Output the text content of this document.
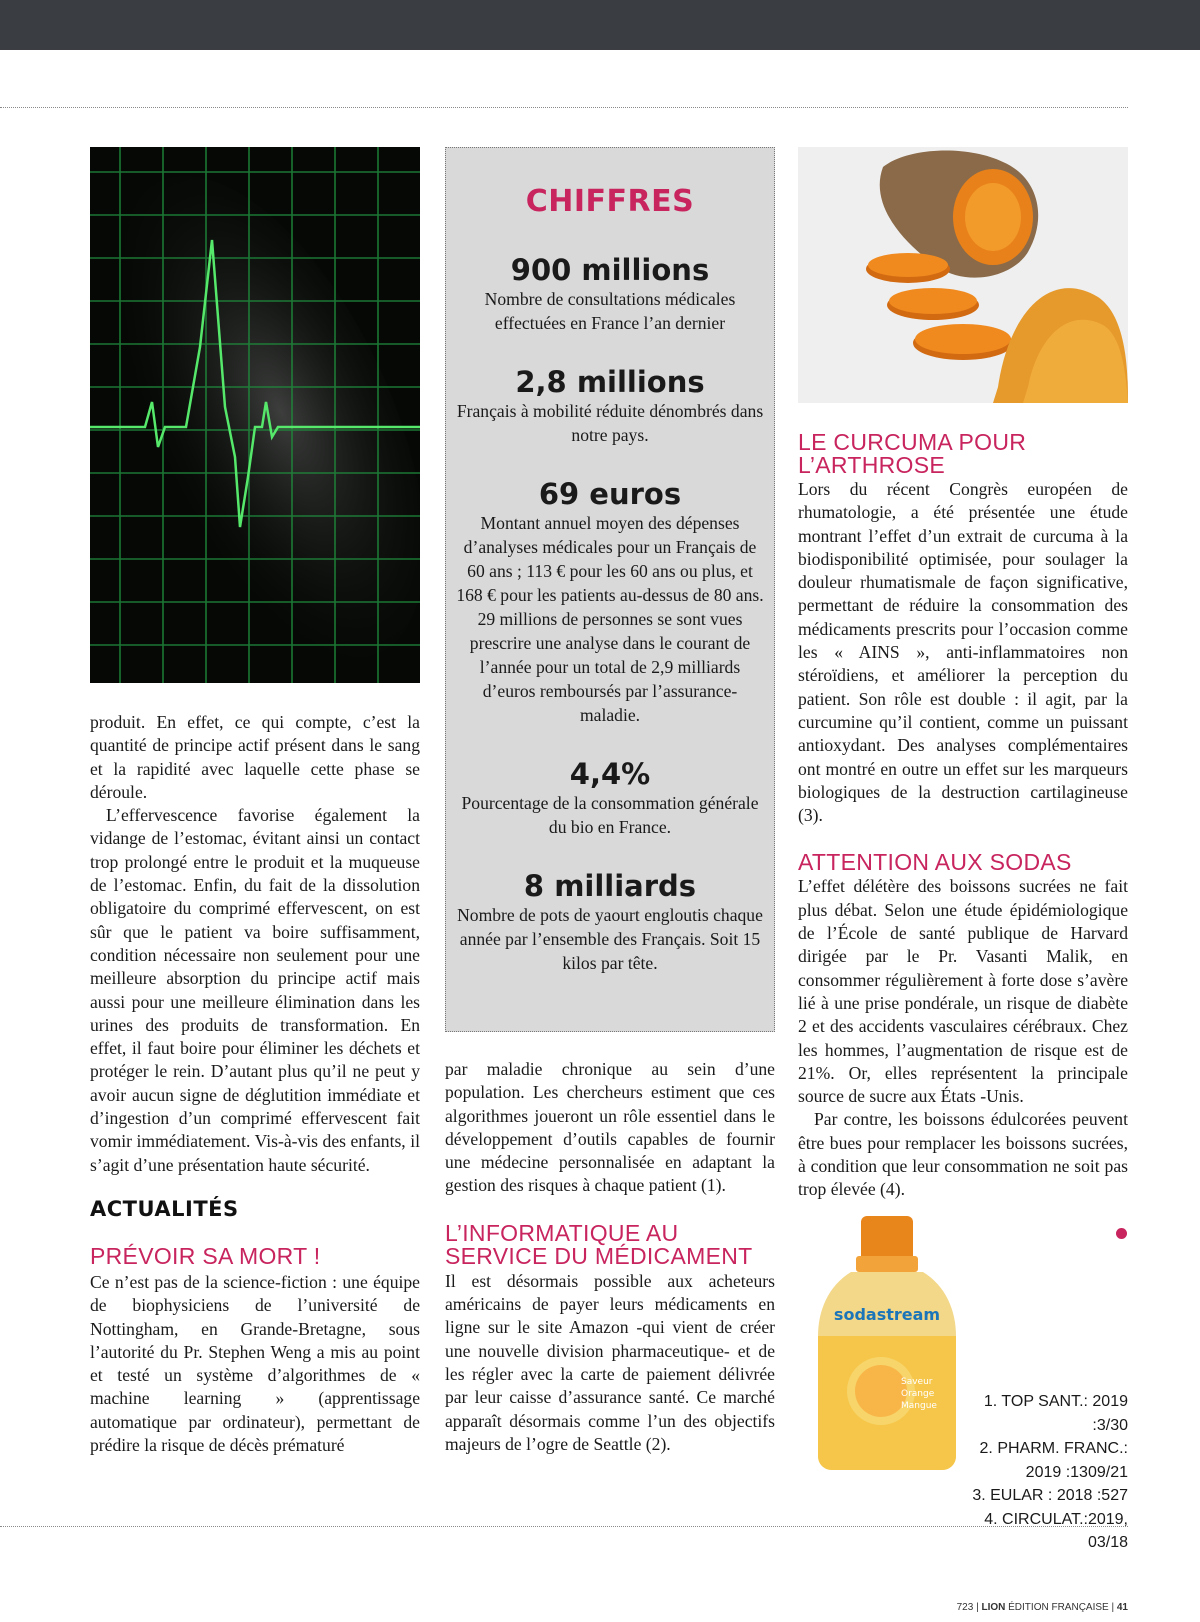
produit. En effet, ce qui compte, c’est la quantité de principe actif présent dans le sang et la rapidité avec laquelle cette phase se déroule.

L’effervescence favorise également la vidange de l’estomac, évitant ainsi un contact trop prolongé entre le produit et la muqueuse de l’estomac. Enfin, du fait de la dissolution obligatoire du comprimé effervescent, on est sûr que le patient va boire suffisamment, condition nécessaire non seulement pour une meilleure absorption du principe actif mais aussi pour une meilleure élimination dans les urines des produits de transformation. En effet, il faut boire pour éliminer les déchets et protéger le rein. D’autant plus qu’il ne peut y avoir aucun signe de déglutition immédiate et d’ingestion d’un comprimé effervescent fait vomir immédiatement. Vis-à-vis des enfants, il s’agit d’une présentation haute sécurité.

ACTUALITÉS
PRÉVOIR SA MORT !

Ce n’est pas de la science-fiction : une équipe de biophysiciens de l’université de Nottingham, en Grande-Bretagne, sous l’autorité du Pr. Stephen Weng a mis au point et testé un système d’algorithmes de « machine learning » (apprentissage automatique par ordinateur), permettant de prédire la risque de décès prématuré

CHIFFRES
900 millions
Nombre de consultations médicales effectuées en France l’an dernier
2,8 millions
Français à mobilité réduite dénombrés dans notre pays.
69 euros
Montant annuel moyen des dépenses d’analyses médicales pour un Français de 60 ans ; 113 € pour les 60 ans ou plus, et 168 € pour les patients au-dessus de 80 ans. 29 millions de personnes se sont vues prescrire une analyse dans le courant de l’année pour un total de 2,9 milliards d’euros remboursés par l’assurance-maladie.
4,4%
Pourcentage de la consommation générale du bio en France.
8 milliards
Nombre de pots de yaourt engloutis chaque année par l’ensemble des Français. Soit 15 kilos par tête.

par maladie chronique au sein d’une population. Les chercheurs estiment que ces algorithmes joueront un rôle essentiel dans le développement d’outils capables de fournir une médecine personnalisée en adaptant la gestion des risques à chaque patient (1).

L’INFORMATIQUE AU SERVICE DU MÉDICAMENT

Il est désormais possible aux acheteurs américains de payer leurs médicaments en ligne sur le site Amazon -qui vient de créer une nouvelle division pharmaceutique- et de les régler avec la carte de paiement délivrée par leur caisse d’assurance santé. Ce marché apparaît désormais comme l’un des objectifs majeurs de l’ogre de Seattle (2).

LE CURCUMA POUR L’ARTHROSE

Lors du récent Congrès européen de rhumatologie, a été présentée une étude montrant l’effet d’un extrait de curcuma à la biodisponibilité optimisée, pour soulager la douleur rhumatismale de façon significative, permettant de réduire la consommation des médicaments prescrits pour l’occasion comme les « AINS », anti-inflammatoires non stéroïdiens, et améliorer la perception du patient. Son rôle est double : il agit, par la curcumine qu’il contient, comme un puissant antioxydant. Des analyses complémentaires ont montré en outre un effet sur les marqueurs biologiques de la destruction cartilagineuse (3).

ATTENTION AUX SODAS

L’effet délétère des boissons sucrées ne fait plus débat. Selon une étude épidémiologique de l’École de santé publique de Harvard dirigée par le Pr. Vasanti Malik, en consommer régulièrement à forte dose s’avère lié à une prise pondérale, un risque de diabète 2 et des accidents vasculaires cérébraux. Chez les hommes, l’augmentation de risque est de 21%. Or, elles représentent la principale source de sucre aux États -Unis.

Par contre, les boissons édulcorées peuvent être bues pour remplacer les boissons sucrées, à condition que leur consommation ne soit pas trop élevée (4).

sodastream
Saveur
Orange
Mangue	1. TOP SANT.: 2019 :3/30
2. PHARM. FRANC.:
2019 :1309/21
3. EULAR : 2018 :527
4. CIRCULAT.:2019, 03/18
723 | LION ÉDITION FRANÇAISE | 41
